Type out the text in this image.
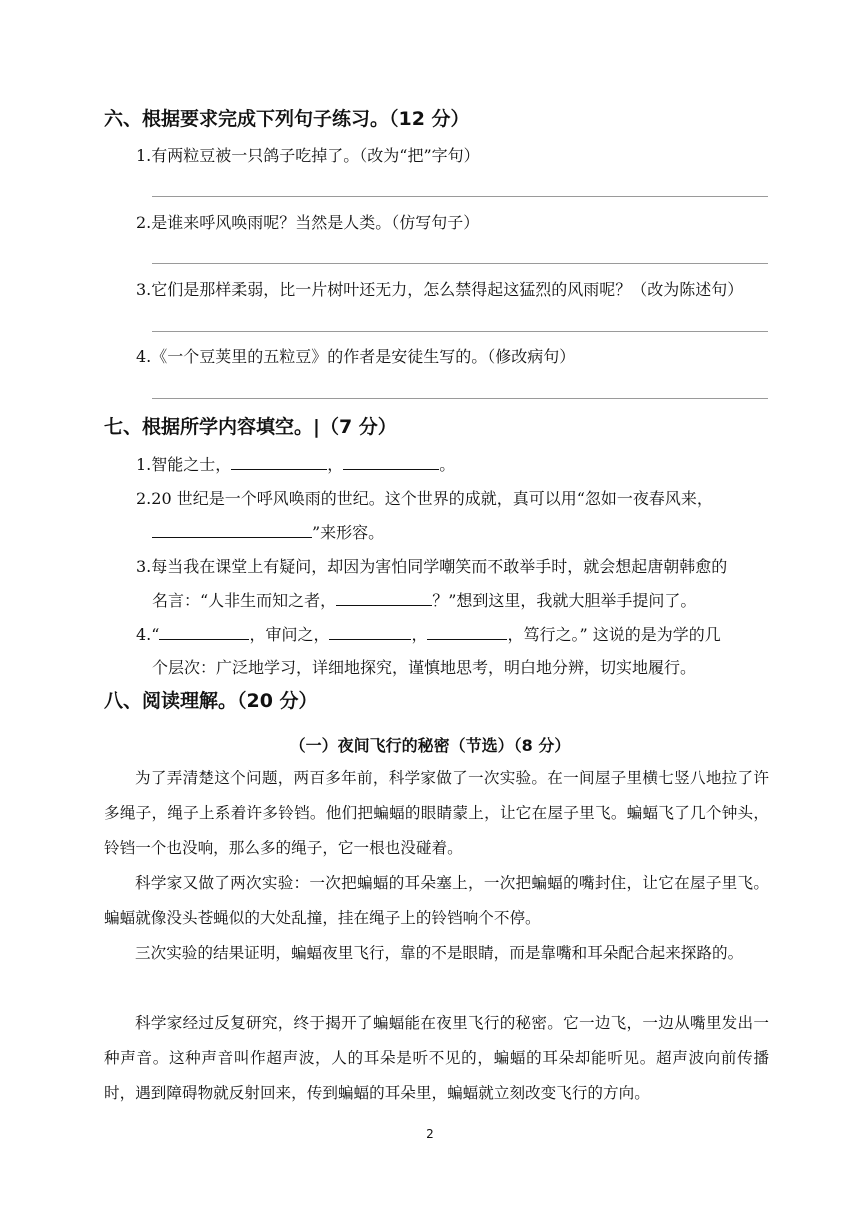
六、根据要求完成下列句子练习。（12 分）
1.有两粒豆被一只鸽子吃掉了。（改为“把”字句）
2.是谁来呼风唤雨呢？当然是人类。（仿写句子）
3.它们是那样柔弱，比一片树叶还无力，怎么禁得起这猛烈的风雨呢？（改为陈述句）
4.《一个豆荚里的五粒豆》的作者是安徒生写的。（修改病句）
七、根据所学内容填空。|（7 分）
1.智能之士，	，	。
2.20 世纪是一个呼风唤雨的世纪。这个世界的成就，真可以用“忽如一夜春风来，
”来形容。
3.每当我在课堂上有疑问，却因为害怕同学嘲笑而不敢举手时，就会想起唐朝韩愈的
名言：“人非生而知之者，	？”想到这里，我就大胆举手提问了。
4.“	，审问之，	，	，笃行之。” 这说的是为学的几
个层次：广泛地学习，详细地探究，谨慎地思考，明白地分辨，切实地履行。
八、阅读理解。（20 分）
（一）夜间飞行的秘密（节选）（8 分）
为了弄清楚这个问题，两百多年前，科学家做了一次实验。在一间屋子里横七竖八地拉了许多绳子，绳子上系着许多铃铛。他们把蝙蝠的眼睛蒙上，让它在屋子里飞。蝙蝠飞了几个钟头，铃铛一个也没响，那么多的绳子，它一根也没碰着。
科学家又做了两次实验：一次把蝙蝠的耳朵塞上，一次把蝙蝠的嘴封住，让它在屋子里飞。蝙蝠就像没头苍蝇似的大处乱撞，挂在绳子上的铃铛响个不停。
三次实验的结果证明，蝙蝠夜里飞行，靠的不是眼睛，而是靠嘴和耳朵配合起来探路的。
科学家经过反复研究，终于揭开了蝙蝠能在夜里飞行的秘密。它一边飞，一边从嘴里发出一种声音。这种声音叫作超声波，人的耳朵是听不见的，蝙蝠的耳朵却能听见。超声波向前传播时，遇到障碍物就反射回来，传到蝙蝠的耳朵里，蝙蝠就立刻改变飞行的方向。
2
